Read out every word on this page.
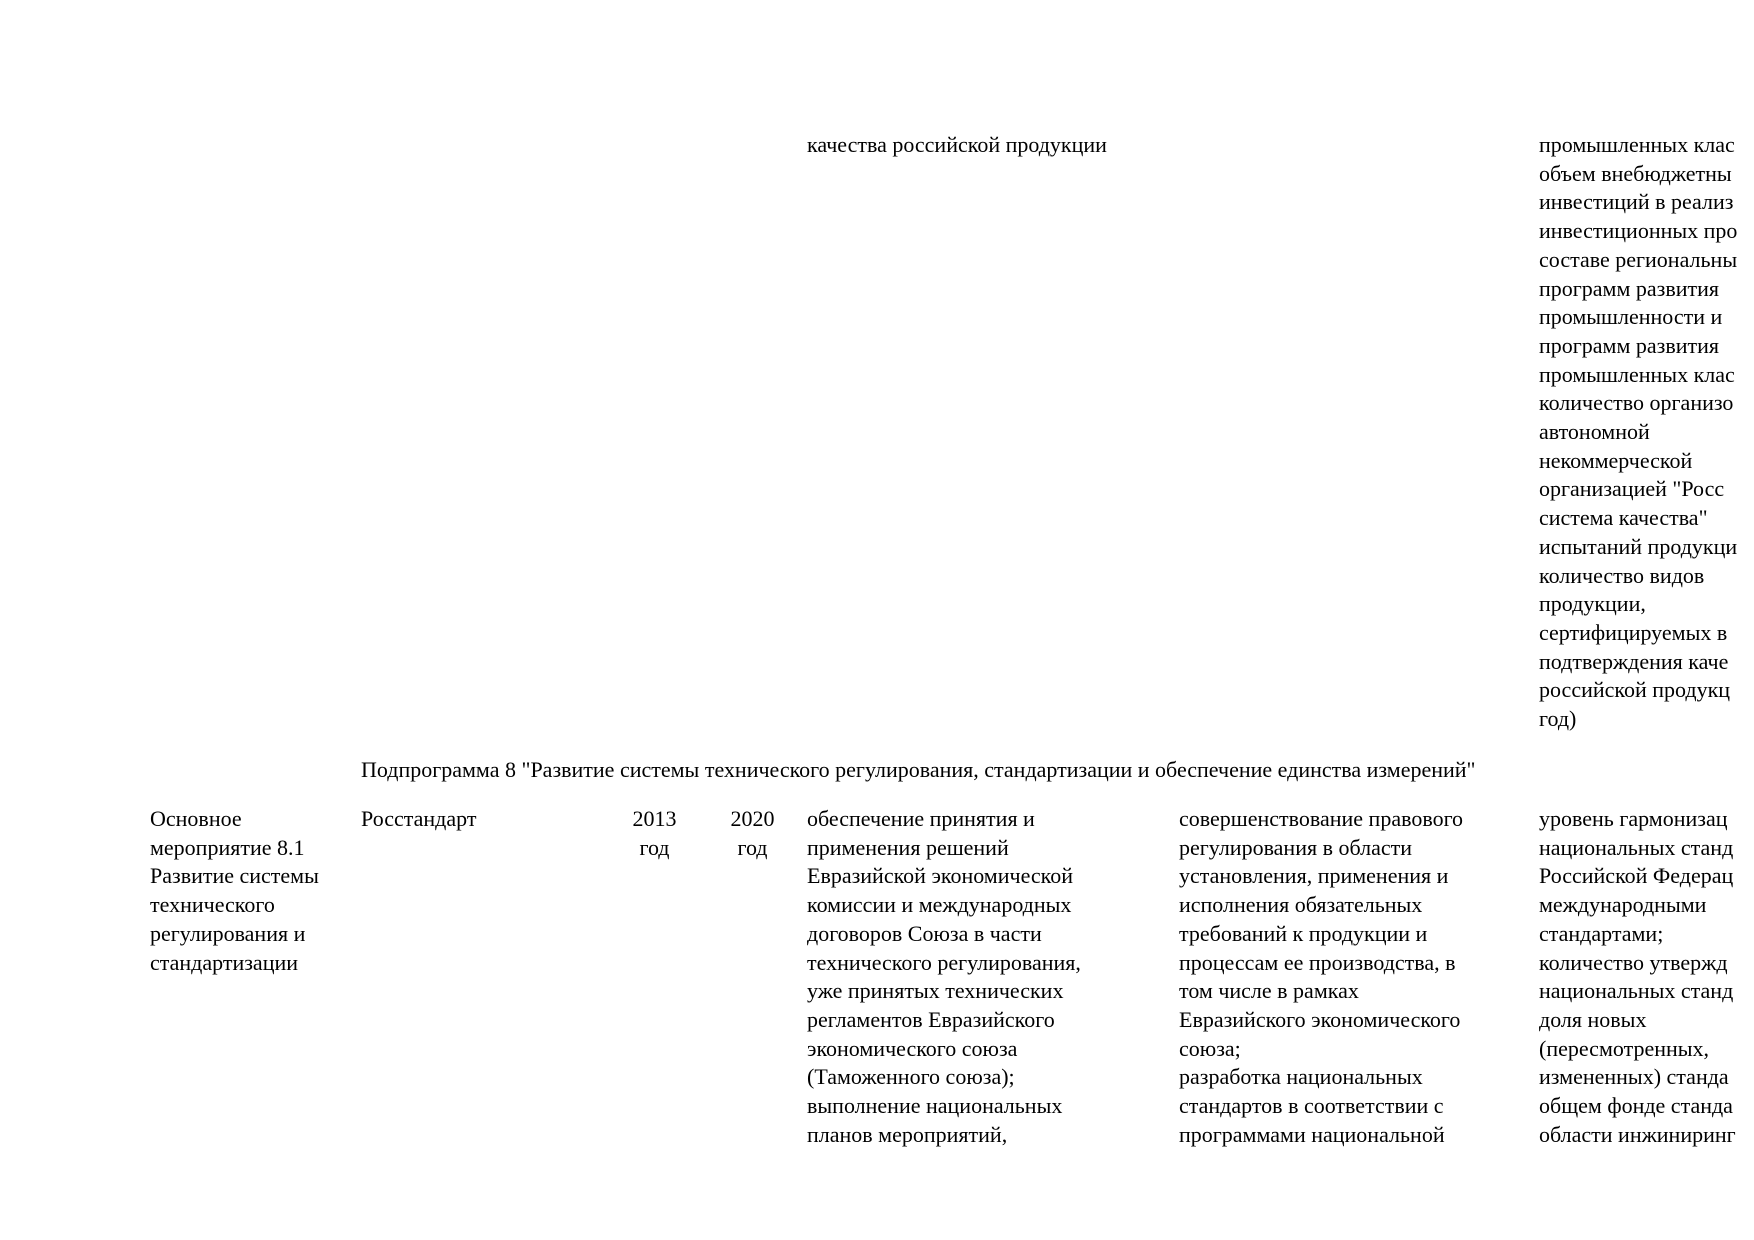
качества российской продукции	промышленных клас
объем внебюджетны
инвестиций в реализ
инвестиционных про
составе региональны
программ развития
промышленности и
программ развития
промышленных клас
количество организо
автономной
некоммерческой
организацией "Росс
система качества"
испытаний продукци
количество видов
продукции,
сертифицируемых в
подтверждения каче
российской продукц
год)
Подпрограмма 8 "Развитие системы технического регулирования, стандартизации и обеспечение единства измерений"
Основное
мероприятие 8.1
Развитие системы
технического
регулирования и
стандартизации
Росстандарт	2013
год
2020
год
обеспечение принятия и
применения решений
Евразийской экономической
комиссии и международных
договоров Союза в части
технического регулирования,
уже принятых технических
регламентов Евразийского
экономического союза
(Таможенного союза);
выполнение национальных
планов мероприятий,
совершенствование правового
регулирования в области
установления, применения и
исполнения обязательных
требований к продукции и
процессам ее производства, в
том числе в рамках
Евразийского экономического
союза;
разработка национальных
стандартов в соответствии с
программами национальной
уровень гармонизац
национальных станд
Российской Федерац
международными
стандартами;
количество утвержд
национальных станд
доля новых
(пересмотренных,
измененных) станда
общем фонде станда
области инжиниринг
